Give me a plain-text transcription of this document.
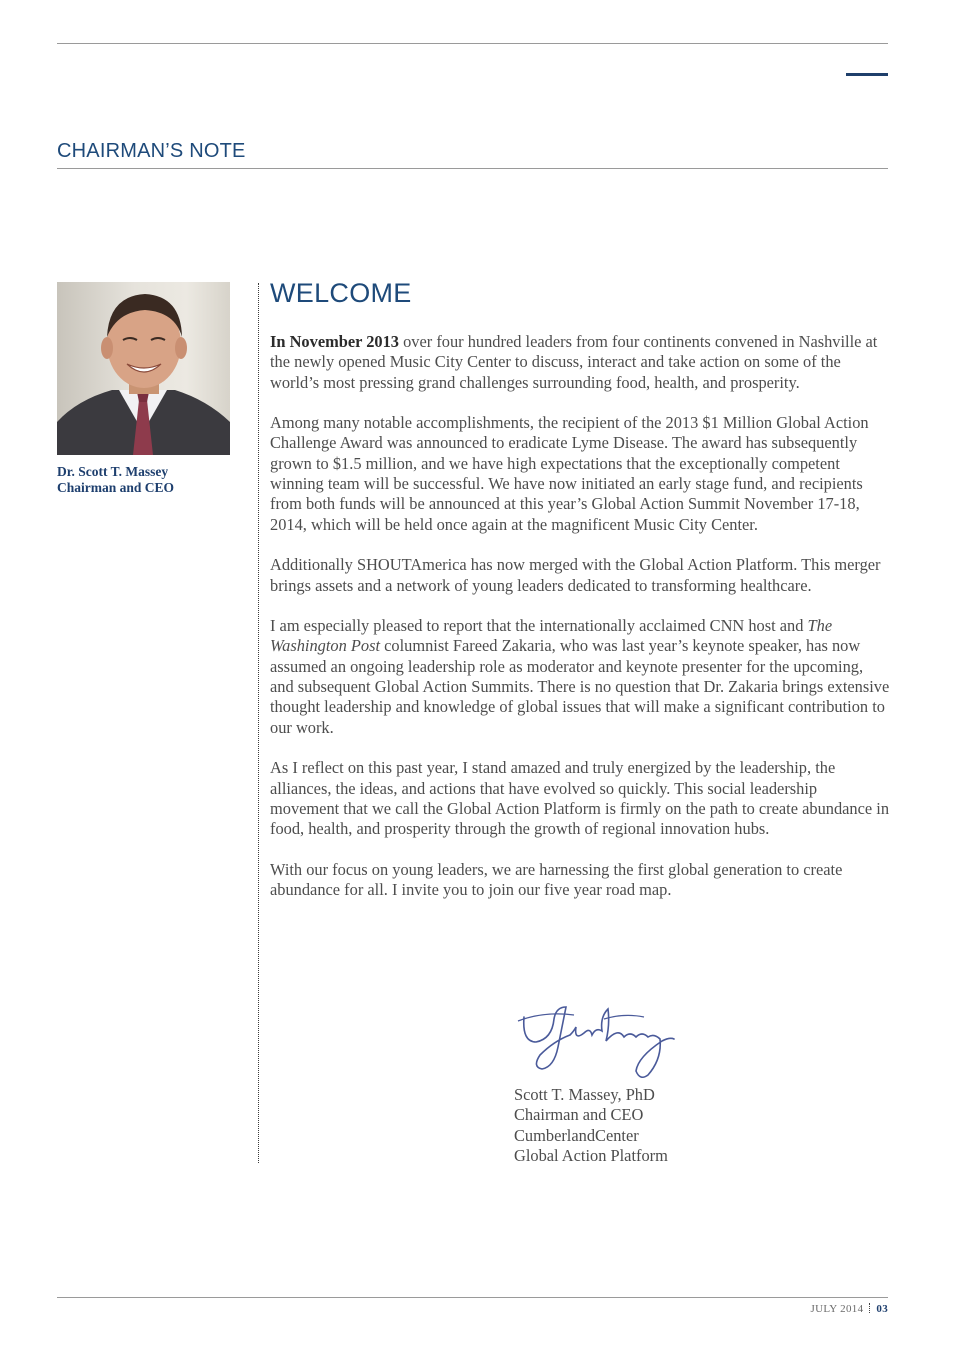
CHAIRMAN’S NOTE
Dr. Scott T. Massey
Chairman and CEO
WELCOME

In November 2013 over four hundred leaders from four continents convened in Nashville at the newly opened Music City Center to discuss, interact and take action on some of the world’s most pressing grand challenges surrounding food, health, and prosperity.

Among many notable accomplishments, the recipient of the 2013 $1 Million Global Action Challenge Award was announced to eradicate Lyme Disease. The award has subsequently grown to $1.5 million, and we have high expectations that the exceptionally competent winning team will be successful. We have now initiated an early stage fund, and recipients from both funds will be announced at this year’s Global Action Summit November 17-18, 2014, which will be held once again at the magnificent Music City Center.

Additionally SHOUTAmerica has now merged with the Global Action Platform. This merger brings assets and a network of young leaders dedicated to transforming healthcare.

I am especially pleased to report that the internationally acclaimed CNN host and The Washington Post columnist Fareed Zakaria, who was last year’s keynote speaker, has now assumed an ongoing leadership role as moderator and keynote presenter for the upcoming, and subsequent Global Action Summits. There is no question that Dr. Zakaria brings extensive thought leadership and knowledge of global issues that will make a significant contribution to our work.

As I reflect on this past year, I stand amazed and truly energized by the leadership, the alliances, the ideas, and actions that have evolved so quickly. This social leadership movement that we call the Global Action Platform is firmly on the path to create abundance in food, health, and prosperity through the growth of regional innovation hubs.

With our focus on young leaders, we are harnessing the first global generation to create abundance for all. I invite you to join our five year road map.

Scott T. Massey, PhD
Chairman and CEO
CumberlandCenter
Global Action Platform
JULY 2014 03
